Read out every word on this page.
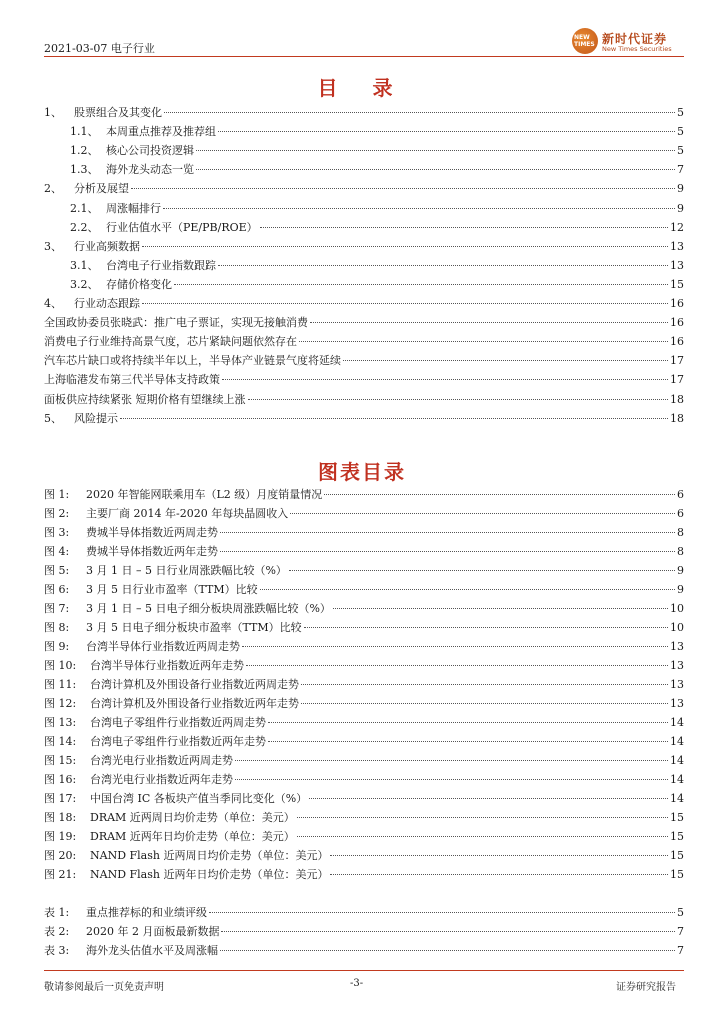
2021-03-07 电子行业
NEW TIMES 新时代证券
New Times Securities
目 录
1、	股票组合及其变化	5
1.1、 本周重点推荐及推荐组	5
1.2、 核心公司投资逻辑	5
1.3、 海外龙头动态一览	7
2、	分析及展望	9
2.1、 周涨幅排行	9
2.2、 行业估值水平（PE/PB/ROE）	12
3、	行业高频数据	13
3.1、 台湾电子行业指数跟踪	13
3.2、 存储价格变化	15
4、	行业动态跟踪	16
全国政协委员张晓武：推广电子票证，实现无接触消费	16
消费电子行业维持高景气度，芯片紧缺问题依然存在	16
汽车芯片缺口或将持续半年以上，半导体产业链景气度将延续	17
上海临港发布第三代半导体支持政策	17
面板供应持续紧张 短期价格有望继续上涨	18
5、	风险提示	18
图表目录
图 1:	2020 年智能网联乘用车（L2 级）月度销量情况	6
图 2:	主要厂商 2014 年-2020 年每块晶圆收入	6
图 3:	费城半导体指数近两周走势	8
图 4:	费城半导体指数近两年走势	8
图 5:	3 月 1 日 – 5 日行业周涨跌幅比较（%）	9
图 6:	3 月 5 日行业市盈率（TTM）比较	9
图 7:	3 月 1 日 – 5 日电子细分板块周涨跌幅比较（%）	10
图 8:	3 月 5 日电子细分板块市盈率（TTM）比较	10
图 9:	台湾半导体行业指数近两周走势	13
图 10:	台湾半导体行业指数近两年走势	13
图 11:	台湾计算机及外围设备行业指数近两周走势	13
图 12:	台湾计算机及外围设备行业指数近两年走势	13
图 13:	台湾电子零组件行业指数近两周走势	14
图 14:	台湾电子零组件行业指数近两年走势	14
图 15:	台湾光电行业指数近两周走势	14
图 16:	台湾光电行业指数近两年走势	14
图 17:	中国台湾 IC 各板块产值当季同比变化（%）	14
图 18:	DRAM 近两周日均价走势（单位：美元）	15
图 19:	DRAM 近两年日均价走势（单位：美元）	15
图 20:	NAND Flash 近两周日均价走势（单位：美元）	15
图 21:	NAND Flash 近两年日均价走势（单位：美元）	15
表 1:	重点推荐标的和业绩评级	5
表 2:	2020 年 2 月面板最新数据	7
表 3:	海外龙头估值水平及周涨幅	7
敬请参阅最后一页免责声明	-3-	证券研究报告
